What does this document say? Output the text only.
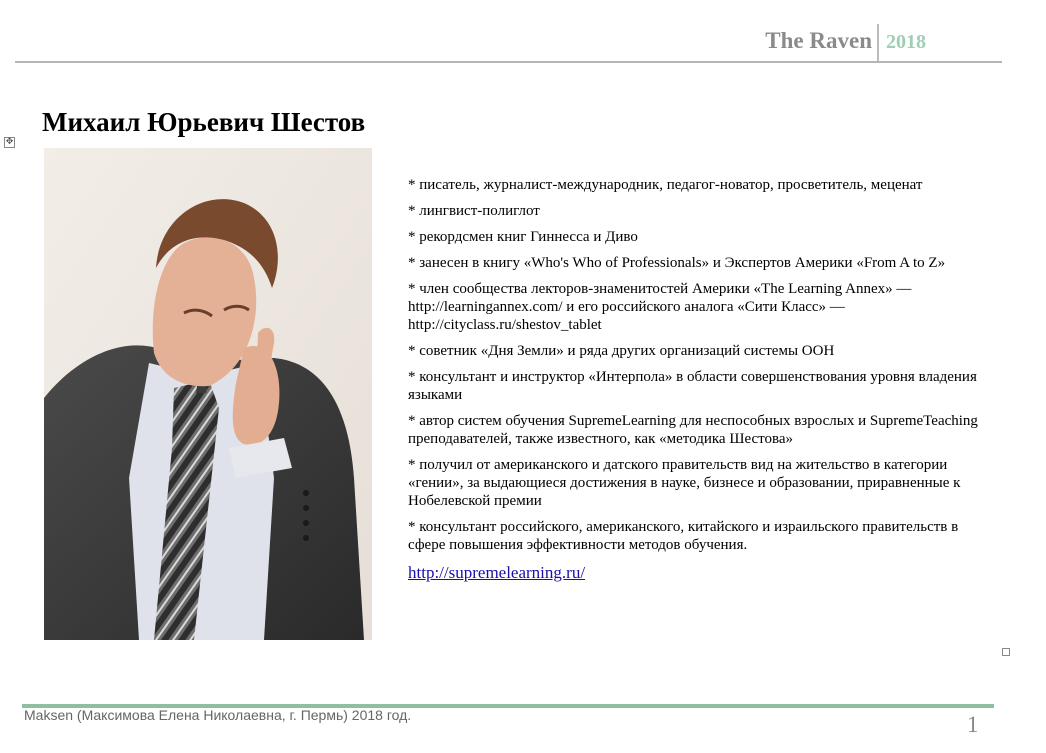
The Raven 2018
✥
Михаил Юрьевич Шестов

* писатель, журналист-международник, педагог-новатор, просветитель, меценат

* лингвист-полиглот

* рекордсмен книг Гиннесса и Диво

* занесен в книгу «Who's Who of Professionals» и Экспертов Америки «From A to Z»

* член сообщества лекторов-знаменитостей Америки «The Learning Annex» — http://learningannex.com/ и его российского аналога «Сити Класс» — http://cityclass.ru/shestov_tablet

* советник «Дня Земли» и ряда других организаций системы ООН

* консультант и инструктор «Интерпола» в области совершенствования уровня владения языками

* автор систем обучения SupremeLearning для неспособных взрослых и SupremeTeaching преподавателей, также известного, как «методика Шестова»

* получил от американского и датского правительств вид на жительство в категории «гении», за выдающиеся достижения в науке, бизнесе и образовании, приравненные к Нобелевской премии

* консультант российского, американского, китайского и израильского правительств в сфере повышения эффективности методов обучения.

http://supremelearning.ru/
Maksen (Максимова Елена Николаевна, г. Пермь) 2018 год.	1
